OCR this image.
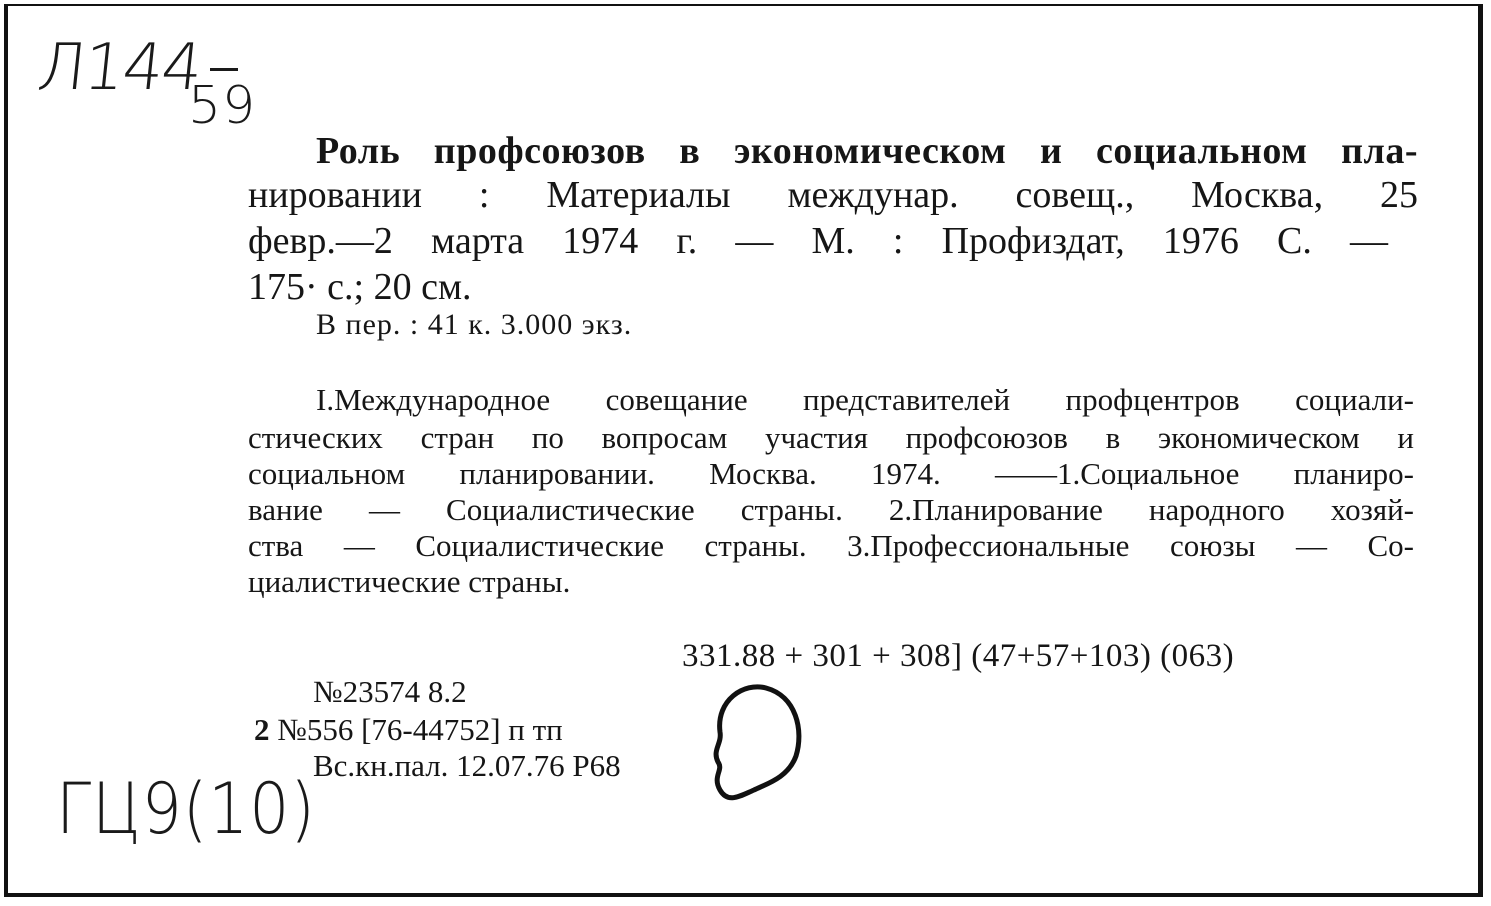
Л144
59
Роль профсоюзов в экономическом и социальном пла-
нировании : Материалы междунар. совещ., Москва, 25
февр.—2 марта 1974 г. — М. : Профиздат, 1976 С. —
175· с.; 20 см.
В пер. : 41 к. 3.000 экз.
I.Международное совещание представителей профцентров социали-
стических стран по вопросам участия профсоюзов в экономическом и
социальном планировании. Москва. 1974. ——1.Социальное планиро-
вание — Социалистические страны. 2.Планирование народного хозяй-
ства — Социалистические страны. 3.Профессиональные союзы — Со-
циалистические страны.
331.88 + 301 + 308] (47+57+103) (063)
№23574 8.2
2 №556 [76-44752] п тп
Вс.кн.пал. 12.07.76 Р68
ГЦ9(10)
